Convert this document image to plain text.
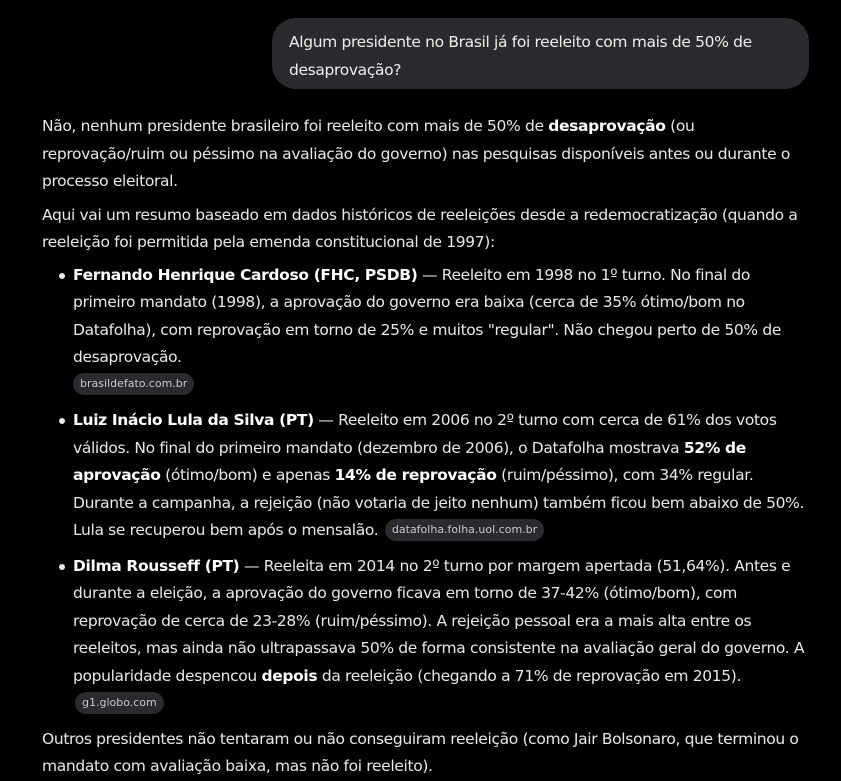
Algum presidente no Brasil já foi reeleito com mais de 50% de desaprovação?

Não, nenhum presidente brasileiro foi reeleito com mais de 50% de desaprovação (ou reprovação/ruim ou péssimo na avaliação do governo) nas pesquisas disponíveis antes ou durante o processo eleitoral.

Aqui vai um resumo baseado em dados históricos de reeleições desde a redemocratização (quando a reeleição foi permitida pela emenda constitucional de 1997):

Fernando Henrique Cardoso (FHC, PSDB) — Reeleito em 1998 no 1º turno. No final do primeiro mandato (1998), a aprovação do governo era baixa (cerca de 35% ótimo/bom no Datafolha), com reprovação em torno de 25% e muitos "regular". Não chegou perto de 50% de desaprovação.
brasildefato.com.br
Luiz Inácio Lula da Silva (PT) — Reeleito em 2006 no 2º turno com cerca de 61% dos votos válidos. No final do primeiro mandato (dezembro de 2006), o Datafolha mostrava 52% de aprovação (ótimo/bom) e apenas 14% de reprovação (ruim/péssimo), com 34% regular. Durante a campanha, a rejeição (não votaria de jeito nenhum) também ficou bem abaixo de 50%. Lula se recuperou bem após o mensalão. datafolha.folha.uol.com.br
Dilma Rousseff (PT) — Reeleita em 2014 no 2º turno por margem apertada (51,64%). Antes e durante a eleição, a aprovação do governo ficava em torno de 37-42% (ótimo/bom), com reprovação de cerca de 23-28% (ruim/péssimo). A rejeição pessoal era a mais alta entre os reeleitos, mas ainda não ultrapassava 50% de forma consistente na avaliação geral do governo. A popularidade despencou depois da reeleição (chegando a 71% de reprovação em 2015). g1.globo.com

Outros presidentes não tentaram ou não conseguiram reeleição (como Jair Bolsonaro, que terminou o mandato com avaliação baixa, mas não foi reeleito).
